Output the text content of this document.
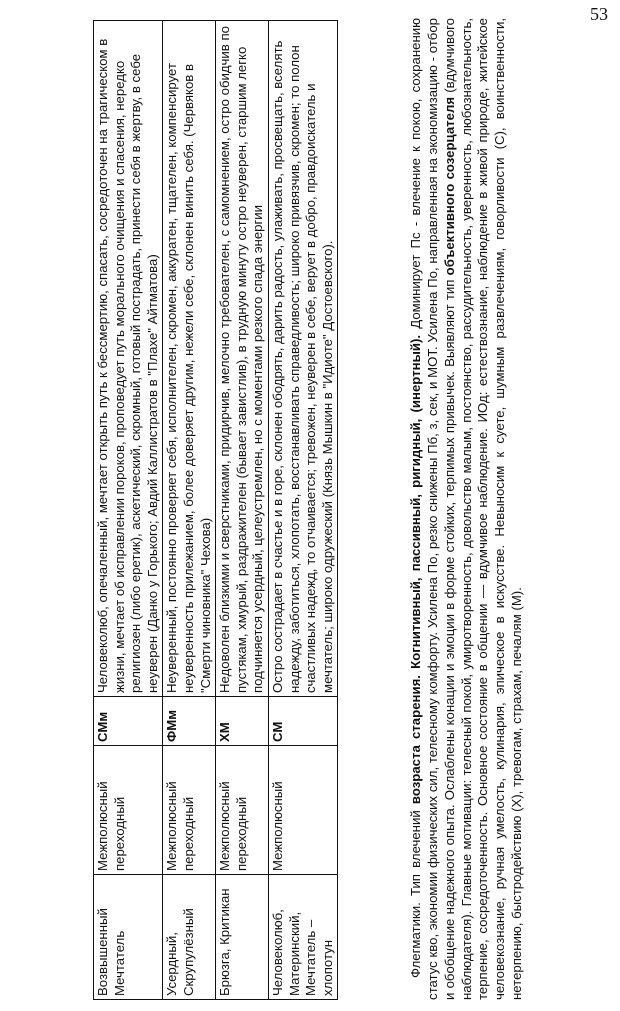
53
Возвышенный Мечтатель	Межполюсный переходный	СМм	Человеколюб, опечаленный, мечтает открыть путь к бессмертию, спасать, сосредоточен на трагическом в жизни, мечтает об исправлении пороков, проповедует путь морального очищения и спасения, нередко религиозен (либо еретик), аскетический, скромный, готовый пострадать, принести себя в жертву, в себе неуверен (Данко у Горького; Авдий Каллистратов в "Плахе" Айтматова)
Усердный, Скрупулёзный	Межполюсный переходный	ФМм	Неуверенный, постоянно проверяет себя, исполнителен, скромен, аккуратен, тщателен, компенсирует неуверенность прилежанием, более доверяет другим, нежели себе, склонен винить себя. (Червяков в "Смерти чиновника" Чехова)
Брюзга, Критикан	Межполюсный переходный	ХМ	Недоволен близкими и сверстниками, придирчив, мелочно требователен, с самомнением, остро обидчив по пустякам, хмурый, раздражителен (бывает завистлив), в трудную минуту остро неуверен, старшим легко подчиняется усердный, целеустремлен, но с моментами резкого спада энергии
Человеколюб, Материнский, Мечтатель – хлопотун	Межполюсный	СМ	Остро сострадает в счастье и в горе, склонен ободрять, дарить радость, улаживать, просвещать, вселять надежду, заботиться, хлопотать, восстанавливать справедливость; широко привязчив, скромен; то полон счастливых надежд, то отчаивается; тревожен, неуверен в себе, верует в добро, правдоискатель и мечтатель; широко одружеский (Князь Мышкин в "Идиоте" Достоевского).

Флегматики. Тип влечений возраста старения. Когнитивный, пассивный, ригидный, (инертный). Доминирует Пс - влечение к покою, сохранению статус кво, экономии физических сил, телесному комфорту. Усилена По, резко снижены Пб, з, сек, и МОТ. Усилена По, направленная на экономизацию - отбор и обобщение надежного опыта. Ослаблены конации и эмоции в форме стойких, терпимых привычек. Выявляют тип объективного созерцателя (вдумчивого наблюдателя). Главные мотивации: телесный покой, умиротворенность, довольство малым, постоянство, рассудительность, уверенность, любознательность, терпение, сосредоточенность. Основное состояние в общении — вдумчивое наблюдение. ИОд: естествознание, наблюдение в живой природе, житейское человекознание, ручная умелость, кулинария, эпическое в искусстве. Невыносим к суете, шумным развлечениям, говорливости (С), воинственности, нетерпению, быстродействию (Х), тревогам, страхам, печалям (М).
